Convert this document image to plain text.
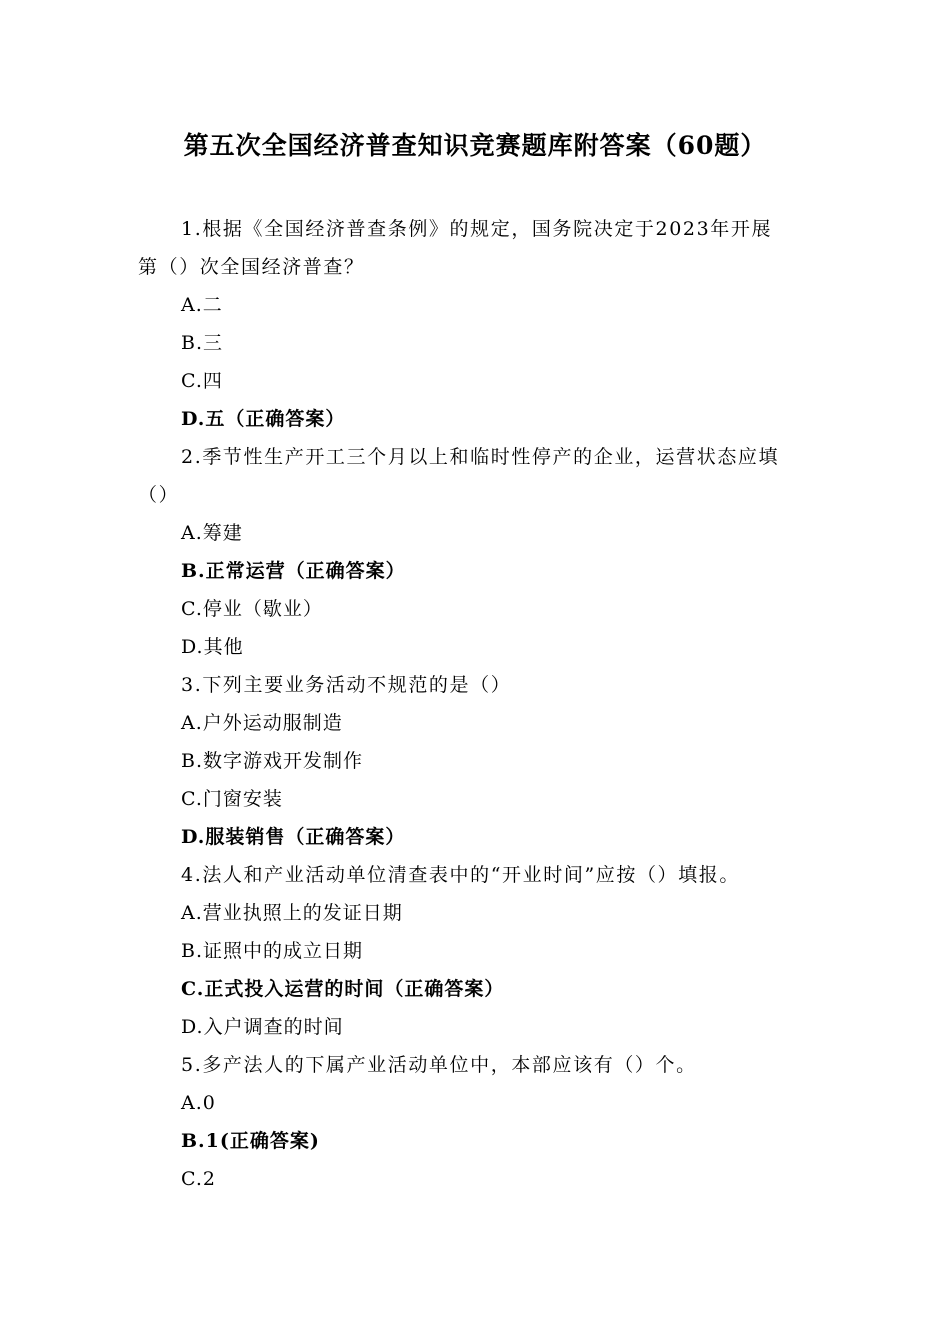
第五次全国经济普查知识竞赛题库附答案（60题）
1.根据《全国经济普查条例》的规定，国务院决定于2023年开展
第（）次全国经济普查？
A.二
B.三
C.四
D.五（正确答案）
2.季节性生产开工三个月以上和临时性停产的企业，运营状态应填
（）
A.筹建
B.正常运营（正确答案）
C.停业（歇业）
D.其他
3.下列主要业务活动不规范的是（）
A.户外运动服制造
B.数字游戏开发制作
C.门窗安装
D.服装销售（正确答案）
4.法人和产业活动单位清查表中的“开业时间”应按（）填报。
A.营业执照上的发证日期
B.证照中的成立日期
C.正式投入运营的时间（正确答案）
D.入户调查的时间
5.多产法人的下属产业活动单位中，本部应该有（）个。
A.0
B.1(正确答案)
C.2
